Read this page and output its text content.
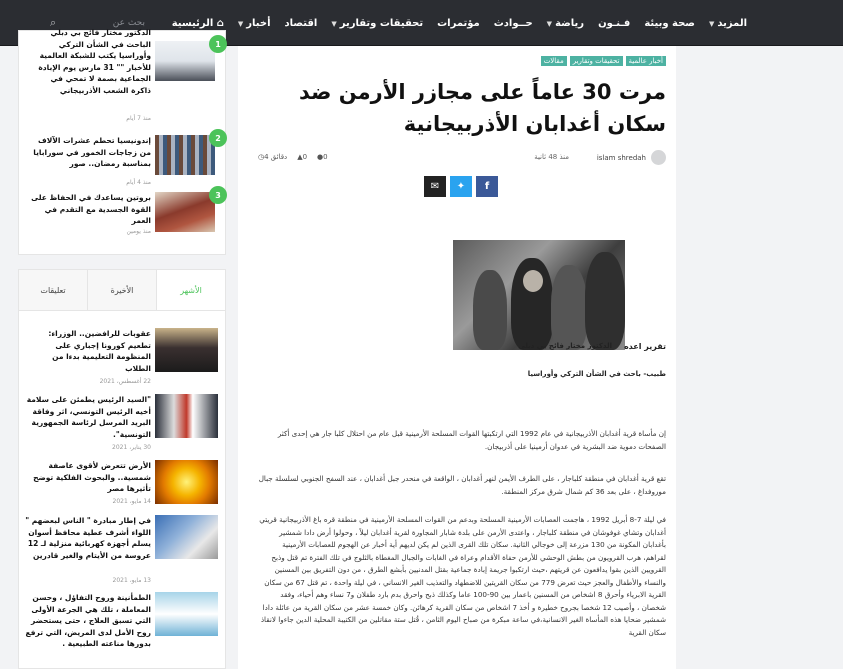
⌕	بحث عن	⌂ الرئيسية	أخبار▼	اقتصاد	تحقيقات وتقارير▼	مؤتمرات حــوادث	رياضة▼	فـنـون صحة وبيئة	المزيد▼
1
الدكتور مختار فائج بي دبلي الباحث في الشأن التركي وأوراسيا يكتب للشبكة العالمية للأخبار "" 31 مارس يوم الإبادة الجماعية بصمة لا تمحي في ذاكرة الشعب الأذربيجاني
منذ 7 أيام
2
إندونيسيا تحطم عشرات الآلاف من زجاجات الخمور في سورابايا بمناسبة رمضان.. صور
منذ 4 أيام
3
بروتين يساعدك في الحفاظ على القوة الجسدية مع التقدم في العمر
منذ يومين
تعليقات	الأخيرة	الأشهر
عقوبات للرافضين.. الوزراء: تطعيم كورونا إجباري على المنظومة التعليمية بدءا من الطلاب
22 أغسطس، 2021
"السيد الرئيس يطمئن على سلامة أخيه الرئيس التونسي، اثر وفاقة البريد المرسل لرئاسة الجمهورية التونسية".
30 يناير، 2021
الأرض تتعرض لأقوى عاصفة شمسية.. والبحوث الفلكية توضح تأثيرها مصر
14 مايو، 2021
في إطار مبادرة " الناس لبعضهم " اللواء أشرف عطية محافظ أسوان يسلم أجهزة كهربائية منزلية لـ 12 عروسة من الأيتام والغير قادرين
13 مايو، 2021
الطمأنينة وروح التفاؤل ، وحسن المعاملة ، تلك هي الجرعة الأولى التي تسبق العلاج ، حتى يستحضر روح الأمل لدى المريض، التي ترفع بدورها مناعته الطبيعية .
أخبار عالمية
تحقيقات وتقارير
مقالات
مرت 30 عاماً على مجازر الأرمن ضد سكان أغدابان الأذربيجانية
islam shredah
منذ 48 ثانية
◷4 دقائق ▲0 ●0
✉ ✦ f
تقرير اعده
الدكتور مختار فائج بي دبلي
طبيب- باحث في الشأن التركي وأوراسيا

إن مأساة قرية أغدابان الأذربيجانية في عام 1992 التي ارتكبتها القوات المسلحة الأرمينية قبل عام من احتلال كلبا جار هي إحدى أكثر الصفحات دموية ضد البشرية في عدوان أرمينيا على أذربيجان.

تقع قرية أغدابان في منطقة كلباجار ، على الطرف الأيمن لنهر أغدابان ، الواقعة في منحدر جبل أغدابان ، عند السفح الجنوبي لسلسلة جبال موروفداغ ، على بعد 36 كم شمال شرق مركز المنطقة.

في ليلة 7-8 أبريل 1992 ، هاجمت العصابات الأرمينية المسلحة وبدعم من القوات المسلحة الأرمينية في منطقة قره باغ الأذربيجانية قريتي أغدابان وتشاي غوفوشان في منطقة كلباجار ، واعتدى الأرمن على بلدة شابار المجاورة لقرية أغدابان ليلاً ، وحولوا أرض دادا شمشير بأغدابان المكونة من 130 مزرعة إلى خوجالي الثانية. سكان تلك القرى الذين لم يكن لديهم أية أخبار عن الهجوم للعصابات الأرمينية لقراهم، هرب القرويون من بطش الوحشي للأرمن حفاة الأقدام وعراة في الغابات والجبال المغطاة بالثلوج في تلك الفترة تم قتل وذبح القرويين الذين بقوا يدافعون عن قريتهم ،حيث ارتكبوا جريمة إبادة جماعية بقتل المدنيين بأبشع الطرق ، من دون التفريق بين المسنين والنساء والأطفال والعجز حيث تعرض 779 من سكان القريتين للاضطهاد والتعذيب الغير الانساني ، في ليلة واحدة ، تم قتل 67 من سكان القرية الابرياء وأحرق 8 اشخاص من المسنين باعمار بين 90-100 عاما وكذلك ذبح واحرق بدم بارد طفلان و7 نساء وهم أحياء، وفقد شخصان ، وأصيب 12 شخصا بجروح خطيرة و أخذ 7 اشخاص من سكان القرية كرهائن. وكان خمسة عشر من سكان القرية من عائلة دادا شمشير ضحايا هذه المأساة الغير الانسانية،في ساعة مبكرة من صباح اليوم الثامن ، قُتل ستة مقاتلين من الكتيبة المحلية الدين جاءوا لانقاذ سكان القرية
